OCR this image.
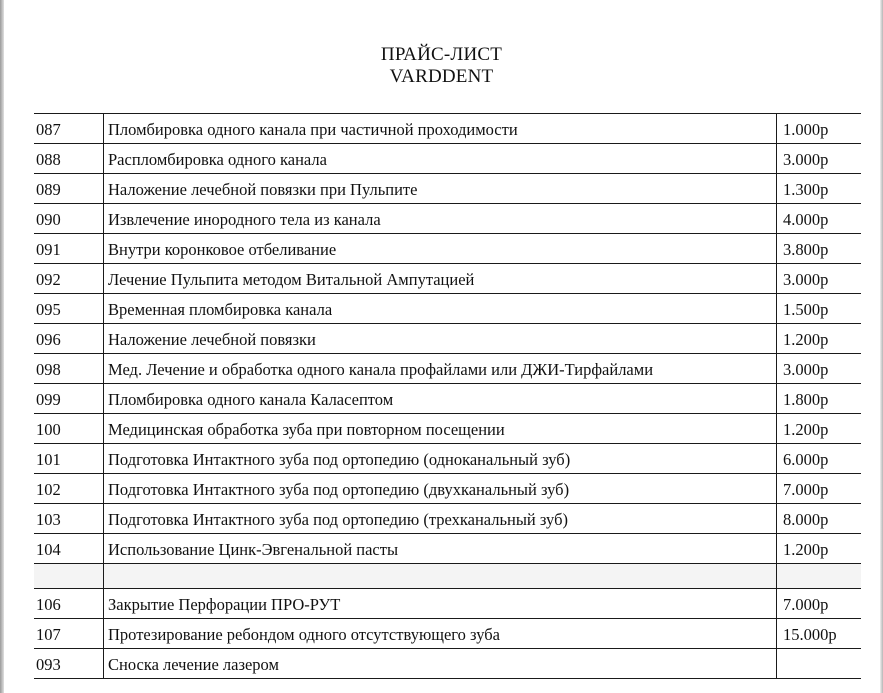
ПРАЙС-ЛИСТ
VARDDENT
087	Пломбировка одного канала при частичной проходимости	1.000р
088	Распломбировка одного канала	3.000р
089	Наложение лечебной повязки при Пульпите	1.300р
090	Извлечение инородного тела из канала	4.000р
091	Внутри коронковое отбеливание	3.800р
092	Лечение Пульпита методом Витальной Ампутацией	3.000р
095	Временная пломбировка канала	1.500р
096	Наложение лечебной повязки	1.200р
098	Мед. Лечение и обработка одного канала профайлами или ДЖИ-Тирфайлами	3.000р
099	Пломбировка одного канала Каласептом	1.800р
100	Медицинская обработка зуба при повторном посещении	1.200р
101	Подготовка Интактного зуба под ортопедию (одноканальный зуб)	6.000р
102	Подготовка Интактного зуба под ортопедию (двухканальный зуб)	7.000р
103	Подготовка Интактного зуба под ортопедию (трехканальный зуб)	8.000р
104	Использование Цинк-Эвгенальной пасты	1.200р

106	Закрытие Перфорации ПРО-РУТ	7.000р
107	Протезирование ребондом одного отсутствующего зуба	15.000р
093	Сноска лечение лазером	
